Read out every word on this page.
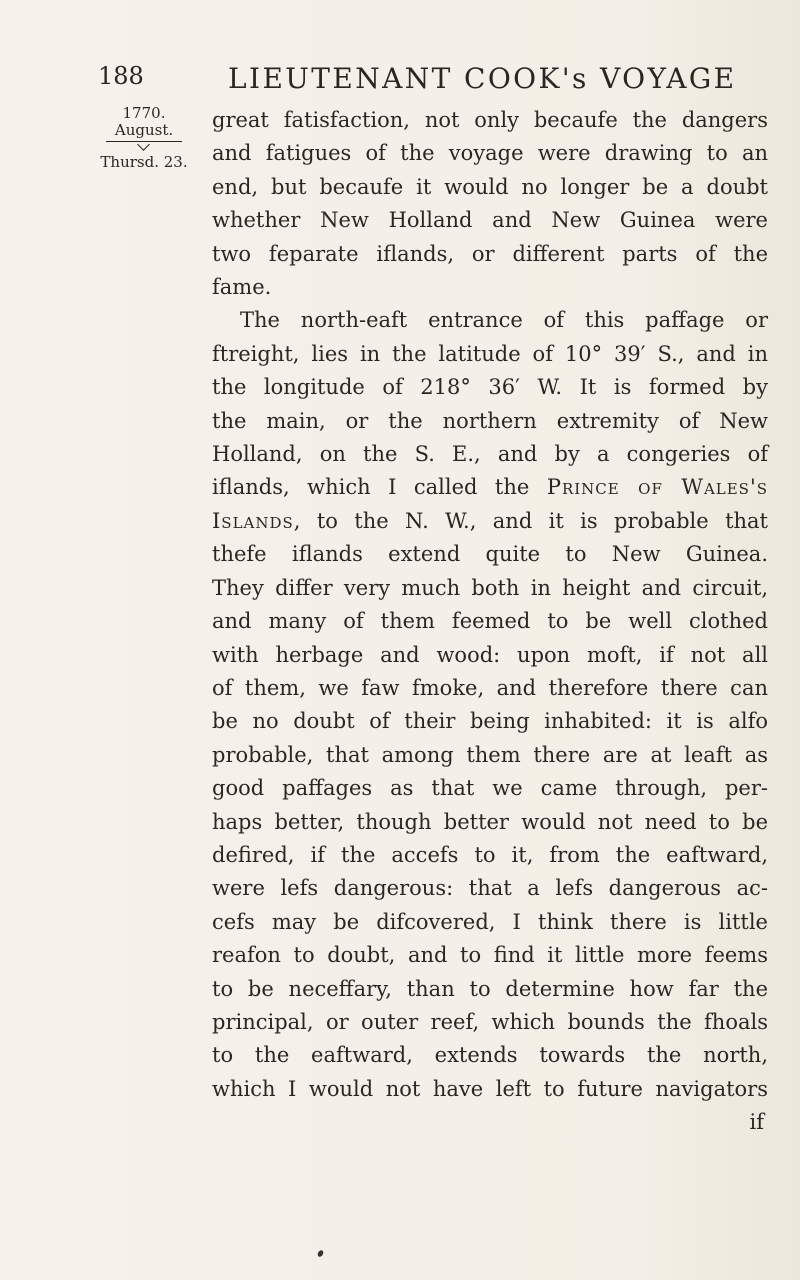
188	LIEUTENANT COOK's VOYAGE
1770.
August.
Thursd. 23.
great fatisfaction, not only becaufe the dangers
and fatigues of the voyage were drawing to an
end, but becaufe it would no longer be a doubt
whether New Holland and New Guinea were
two feparate iflands, or different parts of the
fame.
The north-eaft entrance of this paffage or
ftreight, lies in the latitude of 10° 39′ S., and in
the longitude of 218° 36′ W. It is formed by
the main, or the northern extremity of New
Holland, on the S. E., and by a congeries of
iflands, which I called the Prince of Wales's
Islands, to the N. W., and it is probable that
thefe iflands extend quite to New Guinea.
They differ very much both in height and circuit,
and many of them feemed to be well clothed
with herbage and wood: upon moft, if not all
of them, we faw fmoke, and therefore there can
be no doubt of their being inhabited: it is alfo
probable, that among them there are at leaft as
good paffages as that we came through, per-
haps better, though better would not need to be
defired, if the accefs to it, from the eaftward,
were lefs dangerous: that a lefs dangerous ac-
cefs may be difcovered, I think there is little
reafon to doubt, and to find it little more feems
to be neceffary, than to determine how far the
principal, or outer reef, which bounds the fhoals
to the eaftward, extends towards the north,
which I would not have left to future navigators
if
